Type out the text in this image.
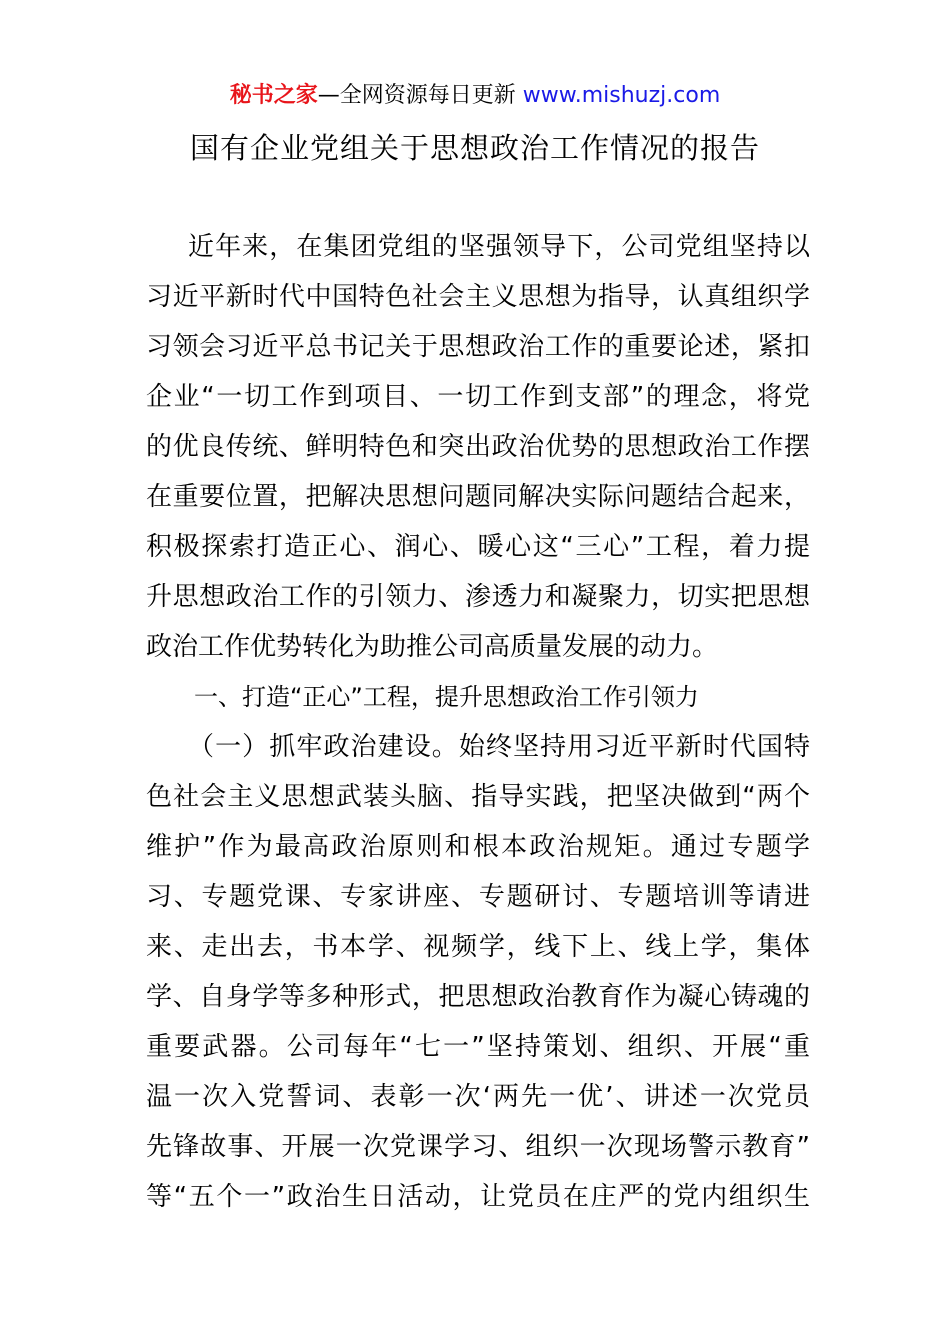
秘书之家—全网资源每日更新 www.mishuzj.com
国有企业党组关于思想政治工作情况的报告
近年来，在集团党组的坚强领导下，公司党组坚持以
习近平新时代中国特色社会主义思想为指导，认真组织学
习领会习近平总书记关于思想政治工作的重要论述，紧扣
企业“一切工作到项目、一切工作到支部”的理念，将党
的优良传统、鲜明特色和突出政治优势的思想政治工作摆
在重要位置，把解决思想问题同解决实际问题结合起来，
积极探索打造正心、润心、暖心这“三心”工程，着力提
升思想政治工作的引领力、渗透力和凝聚力，切实把思想
政治工作优势转化为助推公司高质量发展的动力。
一、打造“正心”工程，提升思想政治工作引领力
（一）抓牢政治建设。始终坚持用习近平新时代国特
色社会主义思想武装头脑、指导实践，把坚决做到“两个
维护”作为最高政治原则和根本政治规矩。通过专题学
习、专题党课、专家讲座、专题研讨、专题培训等请进
来、走出去，书本学、视频学，线下上、线上学，集体
学、自身学等多种形式，把思想政治教育作为凝心铸魂的
重要武器。公司每年“七一”坚持策划、组织、开展“重
温一次入党誓词、表彰一次‘两先一优’、讲述一次党员
先锋故事、开展一次党课学习、组织一次现场警示教育”
等“五个一”政治生日活动，让党员在庄严的党内组织生
